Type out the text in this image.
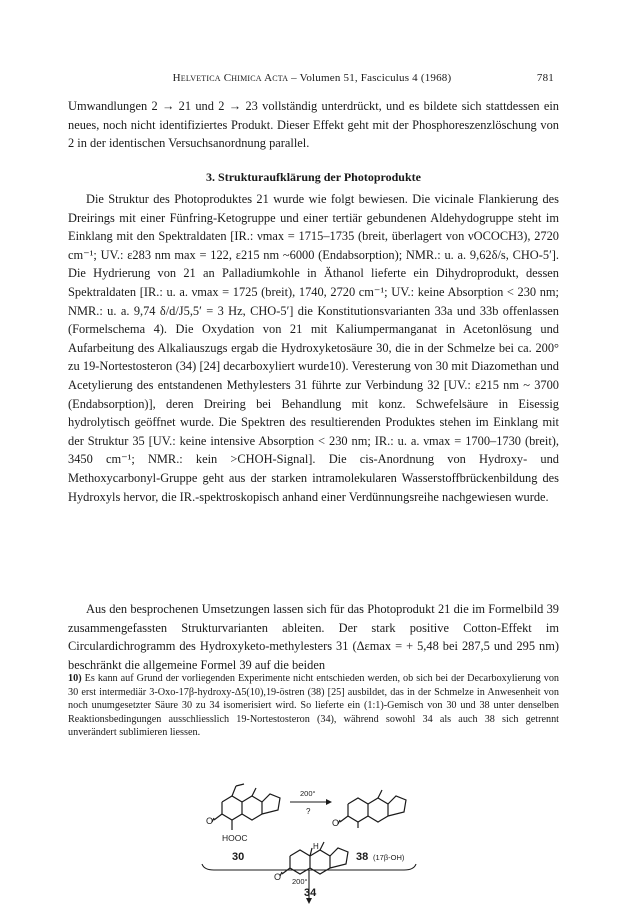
Helvetica Chimica Acta – Volumen 51, Fasciculus 4 (1968)	781
Umwandlungen 2 → 21 und 2 → 23 vollständig unterdrückt, und es bildete sich stattdessen ein neues, noch nicht identifiziertes Produkt. Dieser Effekt geht mit der Phosphoreszenzlöschung von 2 in der identischen Versuchsanordnung parallel.
3. Strukturaufklärung der Photoprodukte
Die Struktur des Photoproduktes 21 wurde wie folgt bewiesen. Die vicinale Flankierung des Dreirings mit einer Fünfring-Ketogruppe und einer tertiär gebundenen Aldehydogruppe steht im Einklang mit den Spektraldaten [IR.: νmax = 1715–1735 (breit, überlagert von νOCOCH3), 2720 cm⁻¹; UV.: ε283 nm max = 122, ε215 nm ~6000 (Endabsorption); NMR.: u. a. 9,62δ/s, CHO-5′]. Die Hydrierung von 21 an Palladiumkohle in Äthanol lieferte ein Dihydroprodukt, dessen Spektraldaten [IR.: u. a. νmax = 1725 (breit), 1740, 2720 cm⁻¹; UV.: keine Absorption < 230 nm; NMR.: u. a. 9,74 δ/d/J5,5′ = 3 Hz, CHO-5′] die Konstitutionsvarianten 33a und 33b offenlassen (Formelschema 4). Die Oxydation von 21 mit Kaliumpermanganat in Acetonlösung und Aufarbeitung des Alkaliauszugs ergab die Hydroxyketosäure 30, die in der Schmelze bei ca. 200° zu 19-Nortestosteron (34) [24] decarboxyliert wurde10). Veresterung von 30 mit Diazomethan und Acetylierung des entstandenen Methylesters 31 führte zur Verbindung 32 [UV.: ε215 nm ~ 3700 (Endabsorption)], deren Dreiring bei Behandlung mit konz. Schwefelsäure in Eisessig hydrolytisch geöffnet wurde. Die Spektren des resultierenden Produktes stehen im Einklang mit der Struktur 35 [UV.: keine intensive Absorption < 230 nm; IR.: u. a. νmax = 1700–1730 (breit), 3450 cm⁻¹; NMR.: kein >CHOH-Signal]. Die cis-Anordnung von Hydroxy- und Methoxycarbonyl-Gruppe geht aus der starken intramolekularen Wasserstoffbrückenbildung des Hydroxyls hervor, die IR.-spektroskopisch anhand einer Verdünnungsreihe nachgewiesen wurde.
Aus den besprochenen Umsetzungen lassen sich für das Photoprodukt 21 die im Formelbild 39 zusammengefassten Strukturvarianten ableiten. Der stark positive Cotton-Effekt im Circulardichrogramm des Hydroxyketo-methylesters 31 (Δεmax = + 5,48 bei 287,5 und 295 nm) beschränkt die allgemeine Formel 39 auf die beiden
10) Es kann auf Grund der vorliegenden Experimente nicht entschieden werden, ob sich bei der Decarboxylierung von 30 erst intermediär 3-Oxo-17β-hydroxy-Δ5(10),19-östren (38) [25] ausbildet, das in der Schmelze in Anwesenheit von noch unumgesetzter Säure 30 zu 34 isomerisiert wird. So lieferte ein (1:1)-Gemisch von 30 und 38 unter denselben Reaktionsbedingungen ausschliesslich 19-Nortestosteron (34), während sowohl 34 als auch 38 sich getrennt unverändert sublimieren liessen.
O
HOOC
30
200°
?
O
38 (17β-OH)
200°
O
H
34
